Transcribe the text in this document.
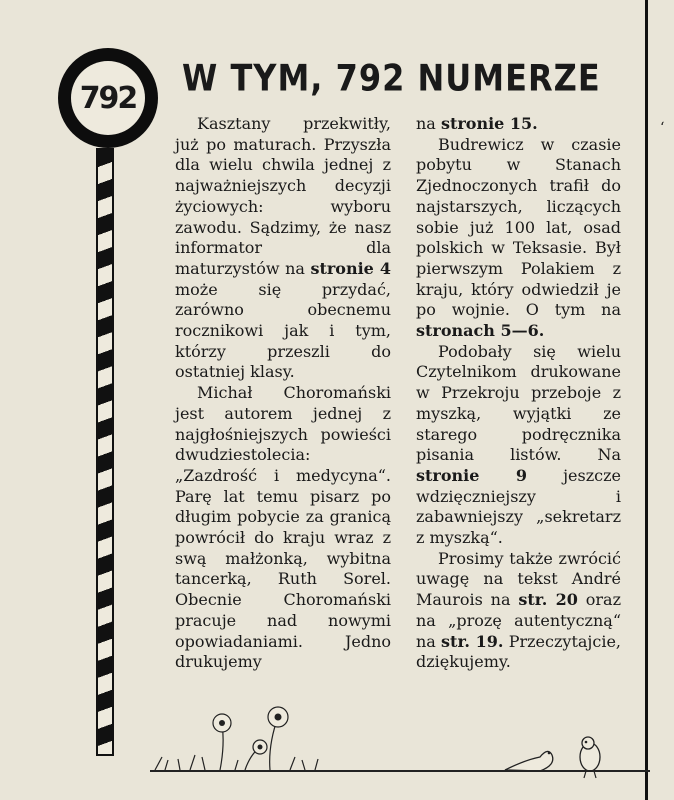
ʻ
792 W TYM, 792 NUMERZE

Kasztany przekwitły, już po maturach. Przyszła dla wielu chwila jednej z najważniejszych decyzji życiowych: wyboru zawodu. Sądzimy, że nasz informator dla maturzystów na stronie 4 może się przydać, zarówno obecnemu rocznikowi jak i tym, którzy przeszli do ostatniej klasy.

Michał Choromański jest autorem jednej z najgłośniejszych powieści dwudziestolecia: „Zazdrość i medycyna“. Parę lat temu pisarz po długim pobycie za granicą powrócił do kraju wraz z swą małżonką, wybitna tancerką, Ruth Sorel. Obecnie Choromański pracuje nad nowymi opowiadaniami. Jedno drukujemy

na stronie 15.

Budrewicz w czasie pobytu w Stanach Zjednoczonych trafił do najstarszych, liczących sobie już 100 lat, osad polskich w Teksasie. Był pierwszym Polakiem z kraju, który odwiedził je po wojnie. O tym na stronach 5—6.

Podobały się wielu Czytelnikom drukowane w Przekroju przeboje z myszką, wyjątki ze starego podręcznika pisania listów. Na stronie 9 jeszcze wdzięczniejszy i zabawniejszy „sekretarz z myszką“.

Prosimy także zwrócić uwagę na tekst André Maurois na str. 20 oraz na „prozę autentyczną“ na str. 19. Przeczytajcie, dziękujemy.
